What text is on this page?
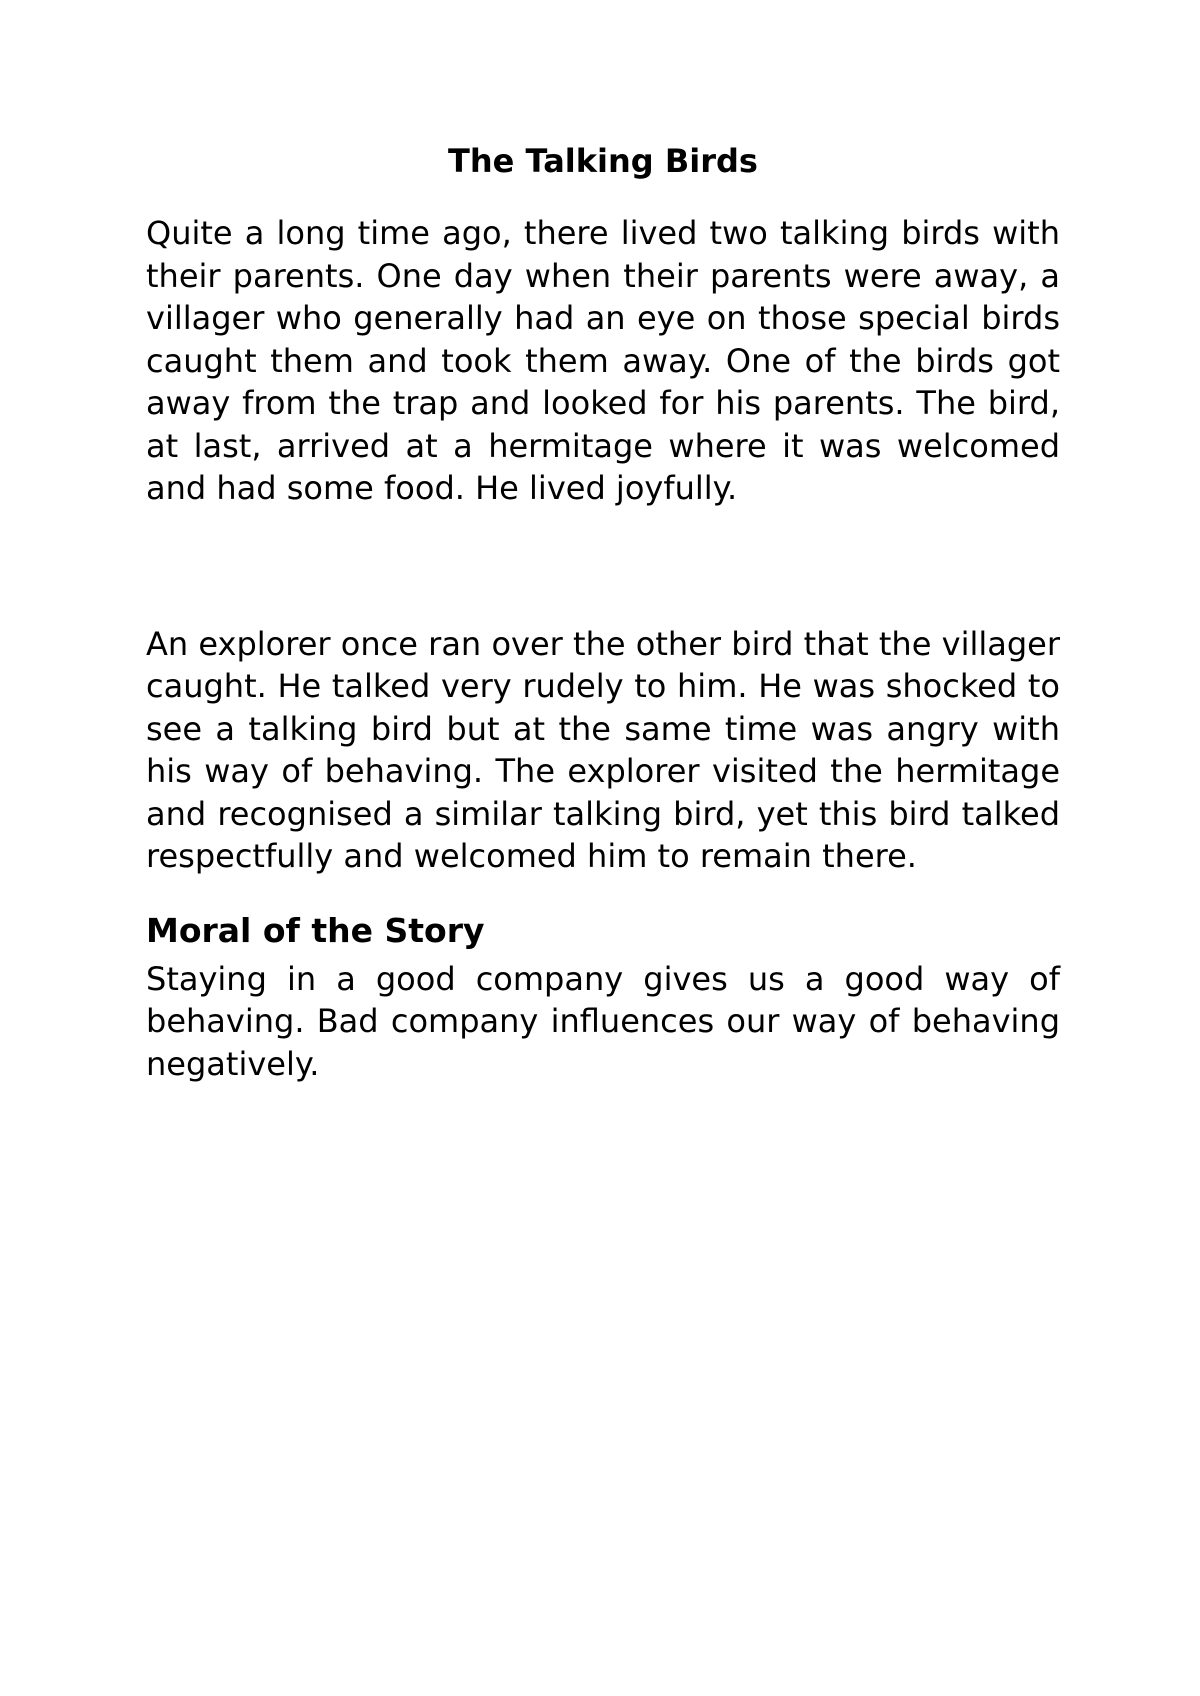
The Talking Birds

Quite a long time ago, there lived two talking birds with their parents. One day when their parents were away, a villager who generally had an eye on those special birds caught them and took them away. One of the birds got away from the trap and looked for his parents. The bird, at last, arrived at a hermitage where it was welcomed and had some food. He lived joyfully.

An explorer once ran over the other bird that the villager caught. He talked very rudely to him. He was shocked to see a talking bird but at the same time was angry with his way of behaving. The explorer visited the hermitage and recognised a similar talking bird, yet this bird talked respectfully and welcomed him to remain there.

Moral of the Story

Staying in a good company gives us a good way of behaving. Bad company influences our way of behaving negatively.
